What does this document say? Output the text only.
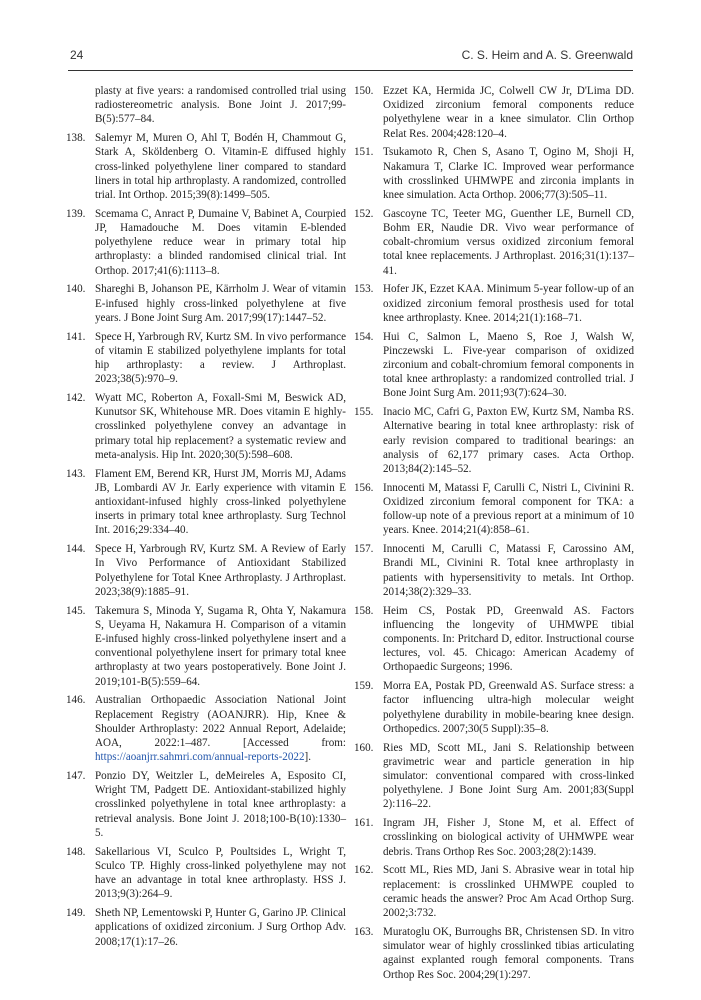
24	C. S. Heim and A. S. Greenwald
plasty at five years: a randomised controlled trial using radiostereometric analysis. Bone Joint J. 2017;99-B(5):577–84.
138. Salemyr M, Muren O, Ahl T, Bodén H, Chammout G, Stark A, Sköldenberg O. Vitamin-E diffused highly cross-linked polyethylene liner compared to standard liners in total hip arthroplasty. A randomized, controlled trial. Int Orthop. 2015;39(8):1499–505.
139. Scemama C, Anract P, Dumaine V, Babinet A, Courpied JP, Hamadouche M. Does vitamin E-blended polyethylene reduce wear in primary total hip arthroplasty: a blinded randomised clinical trial. Int Orthop. 2017;41(6):1113–8.
140. Shareghi B, Johanson PE, Kärrholm J. Wear of vitamin E-infused highly cross-linked polyethylene at five years. J Bone Joint Surg Am. 2017;99(17):1447–52.
141. Spece H, Yarbrough RV, Kurtz SM. In vivo performance of vitamin E stabilized polyethylene implants for total hip arthroplasty: a review. J Arthroplast. 2023;38(5):970–9.
142. Wyatt MC, Roberton A, Foxall-Smi M, Beswick AD, Kunutsor SK, Whitehouse MR. Does vitamin E highly-crosslinked polyethylene convey an advantage in primary total hip replacement? a systematic review and meta-analysis. Hip Int. 2020;30(5):598–608.
143. Flament EM, Berend KR, Hurst JM, Morris MJ, Adams JB, Lombardi AV Jr. Early experience with vitamin E antioxidant-infused highly cross-linked polyethylene inserts in primary total knee arthroplasty. Surg Technol Int. 2016;29:334–40.
144. Spece H, Yarbrough RV, Kurtz SM. A Review of Early In Vivo Performance of Antioxidant Stabilized Polyethylene for Total Knee Arthroplasty. J Arthroplast. 2023;38(9):1885–91.
145. Takemura S, Minoda Y, Sugama R, Ohta Y, Nakamura S, Ueyama H, Nakamura H. Comparison of a vitamin E-infused highly cross-linked polyethylene insert and a conventional polyethylene insert for primary total knee arthroplasty at two years postoperatively. Bone Joint J. 2019;101-B(5):559–64.
146. Australian Orthopaedic Association National Joint Replacement Registry (AOANJRR). Hip, Knee & Shoulder Arthroplasty: 2022 Annual Report, Adelaide; AOA, 2022:1–487. [Accessed from: https://aoanjrr.sahmri.com/annual-reports-2022].
147. Ponzio DY, Weitzler L, deMeireles A, Esposito CI, Wright TM, Padgett DE. Antioxidant-stabilized highly crosslinked polyethylene in total knee arthroplasty: a retrieval analysis. Bone Joint J. 2018;100-B(10):1330–5.
148. Sakellarious VI, Sculco P, Poultsides L, Wright T, Sculco TP. Highly cross-linked polyethylene may not have an advantage in total knee arthroplasty. HSS J. 2013;9(3):264–9.
149. Sheth NP, Lementowski P, Hunter G, Garino JP. Clinical applications of oxidized zirconium. J Surg Orthop Adv. 2008;17(1):17–26.
150. Ezzet KA, Hermida JC, Colwell CW Jr, D'Lima DD. Oxidized zirconium femoral components reduce polyethylene wear in a knee simulator. Clin Orthop Relat Res. 2004;428:120–4.
151. Tsukamoto R, Chen S, Asano T, Ogino M, Shoji H, Nakamura T, Clarke IC. Improved wear performance with crosslinked UHMWPE and zirconia implants in knee simulation. Acta Orthop. 2006;77(3):505–11.
152. Gascoyne TC, Teeter MG, Guenther LE, Burnell CD, Bohm ER, Naudie DR. Vivo wear performance of cobalt-chromium versus oxidized zirconium femoral total knee replacements. J Arthroplast. 2016;31(1):137–41.
153. Hofer JK, Ezzet KAA. Minimum 5-year follow-up of an oxidized zirconium femoral prosthesis used for total knee arthroplasty. Knee. 2014;21(1):168–71.
154. Hui C, Salmon L, Maeno S, Roe J, Walsh W, Pinczewski L. Five-year comparison of oxidized zirconium and cobalt-chromium femoral components in total knee arthroplasty: a randomized controlled trial. J Bone Joint Surg Am. 2011;93(7):624–30.
155. Inacio MC, Cafri G, Paxton EW, Kurtz SM, Namba RS. Alternative bearing in total knee arthroplasty: risk of early revision compared to traditional bearings: an analysis of 62,177 primary cases. Acta Orthop. 2013;84(2):145–52.
156. Innocenti M, Matassi F, Carulli C, Nistri L, Civinini R. Oxidized zirconium femoral component for TKA: a follow-up note of a previous report at a minimum of 10 years. Knee. 2014;21(4):858–61.
157. Innocenti M, Carulli C, Matassi F, Carossino AM, Brandi ML, Civinini R. Total knee arthroplasty in patients with hypersensitivity to metals. Int Orthop. 2014;38(2):329–33.
158. Heim CS, Postak PD, Greenwald AS. Factors influencing the longevity of UHMWPE tibial components. In: Pritchard D, editor. Instructional course lectures, vol. 45. Chicago: American Academy of Orthopaedic Surgeons; 1996.
159. Morra EA, Postak PD, Greenwald AS. Surface stress: a factor influencing ultra-high molecular weight polyethylene durability in mobile-bearing knee design. Orthopedics. 2007;30(5 Suppl):35–8.
160. Ries MD, Scott ML, Jani S. Relationship between gravimetric wear and particle generation in hip simulator: conventional compared with cross-linked polyethylene. J Bone Joint Surg Am. 2001;83(Suppl 2):116–22.
161. Ingram JH, Fisher J, Stone M, et al. Effect of crosslinking on biological activity of UHMWPE wear debris. Trans Orthop Res Soc. 2003;28(2):1439.
162. Scott ML, Ries MD, Jani S. Abrasive wear in total hip replacement: is crosslinked UHMWPE coupled to ceramic heads the answer? Proc Am Acad Orthop Surg. 2002;3:732.
163. Muratoglu OK, Burroughs BR, Christensen SD. In vitro simulator wear of highly crosslinked tibias articulating against explanted rough femoral components. Trans Orthop Res Soc. 2004;29(1):297.
